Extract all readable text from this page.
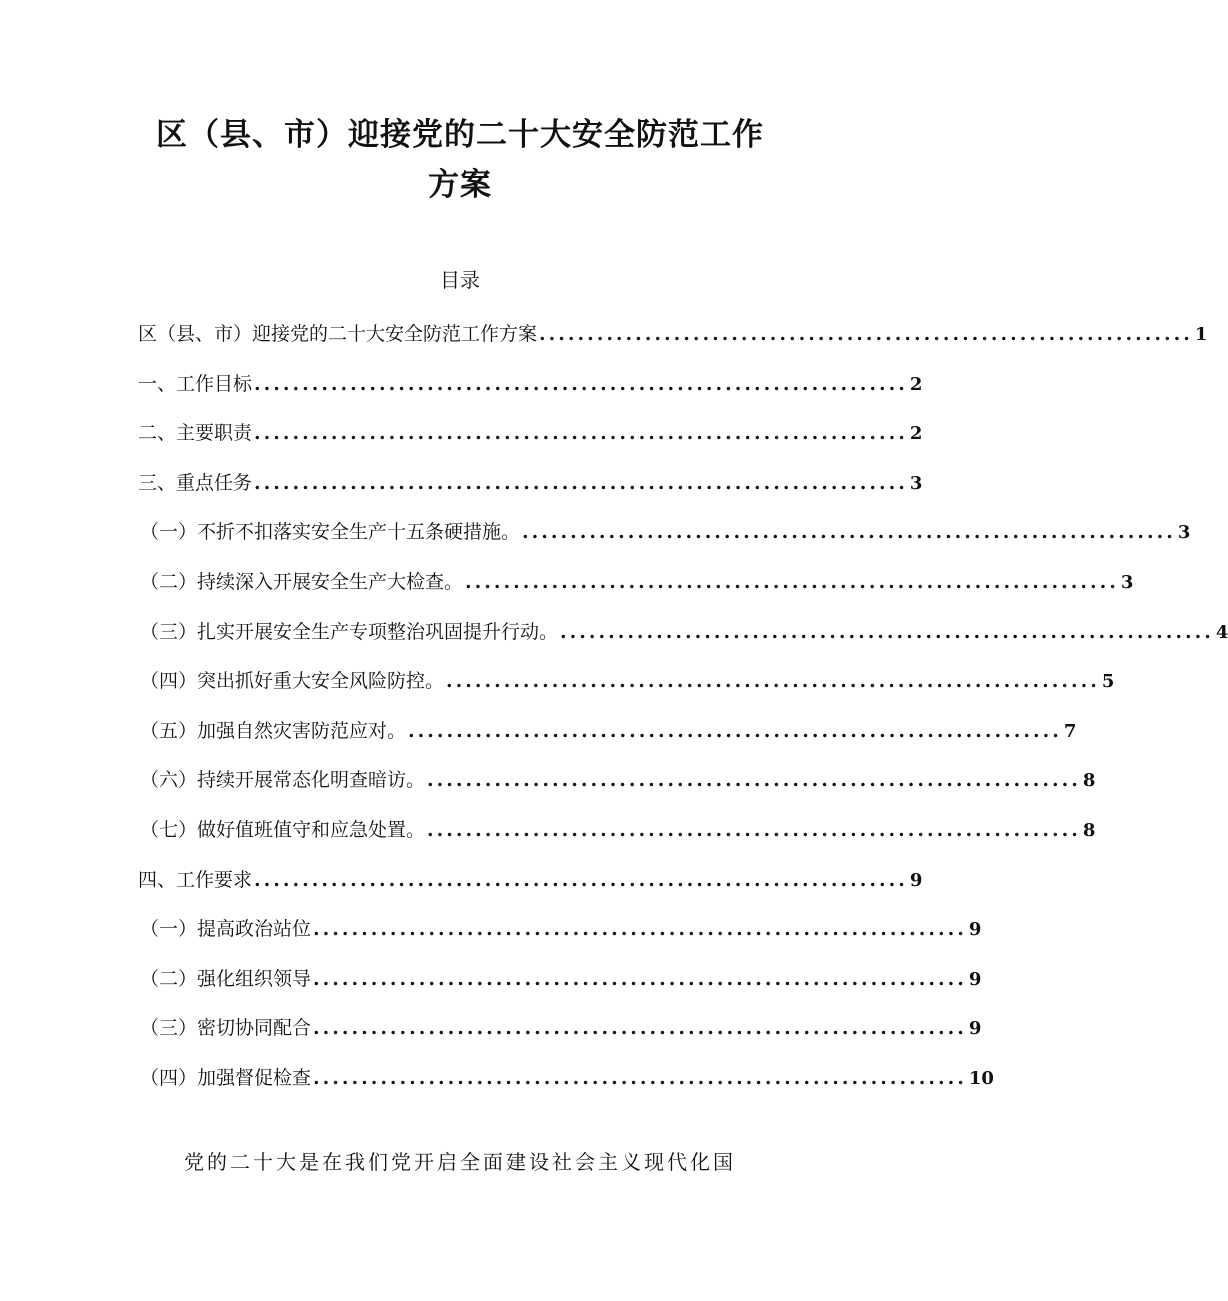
区（县、市）迎接党的二十大安全防范工作
方案
目录
区（县、市）迎接党的二十大安全防范工作方案 .................................................................... 1
一、工作目标 .................................................................... 2
二、主要职责 .................................................................... 2
三、重点任务 .................................................................... 3
（一）不折不扣落实安全生产十五条硬措施。 .................................................................... 3
（二）持续深入开展安全生产大检查。 .................................................................... 3
（三）扎实开展安全生产专项整治巩固提升行动。 .................................................................... 4
（四）突出抓好重大安全风险防控。 .................................................................... 5
（五）加强自然灾害防范应对。 .................................................................... 7
（六）持续开展常态化明查暗访。 .................................................................... 8
（七）做好值班值守和应急处置。 .................................................................... 8
四、工作要求 .................................................................... 9
（一）提高政治站位 .................................................................... 9
（二）强化组织领导 .................................................................... 9
（三）密切协同配合 .................................................................... 9
（四）加强督促检查 .................................................................... 10

党的二十大是在我们党开启全面建设社会主义现代化国
